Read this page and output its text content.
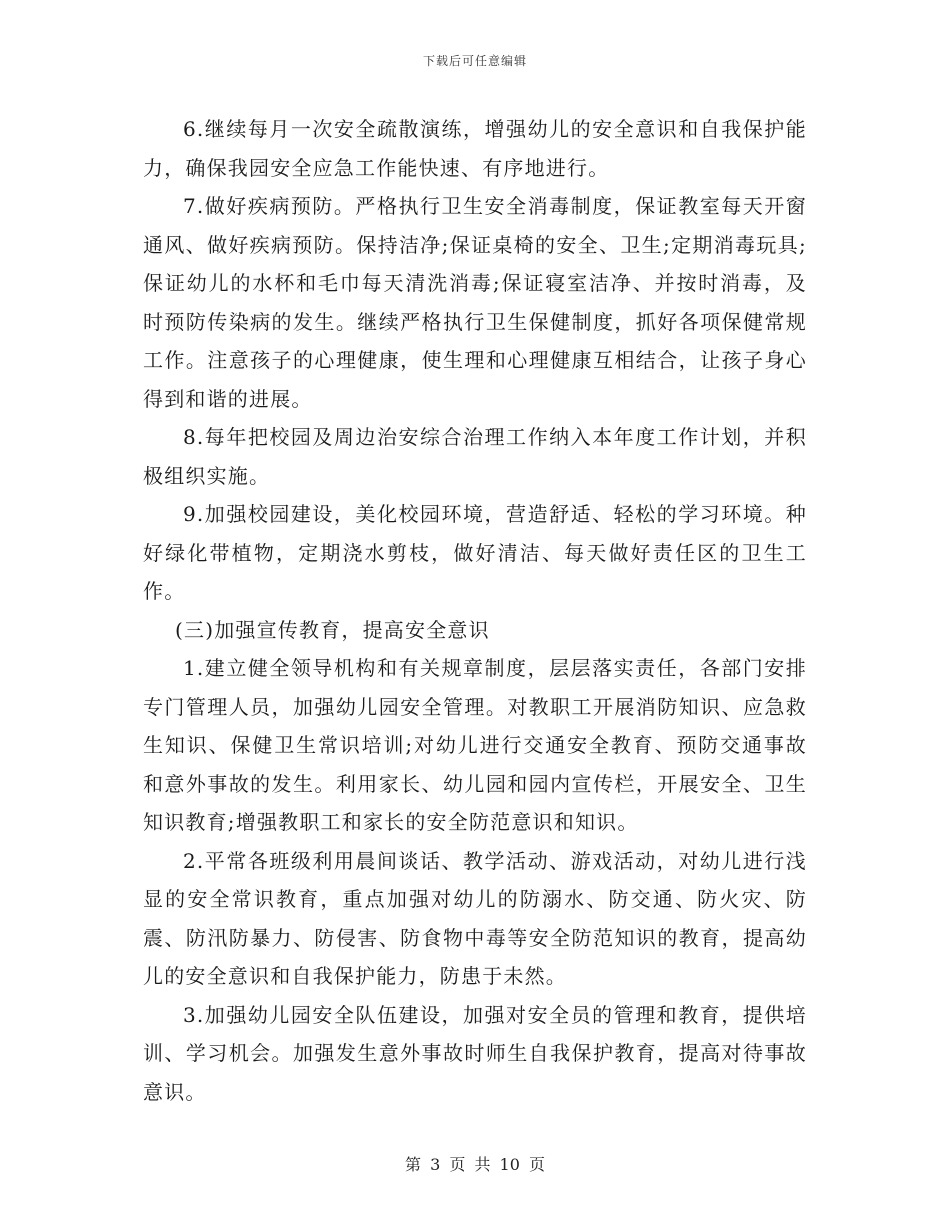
下载后可任意编辑

6.继续每月一次安全疏散演练，增强幼儿的安全意识和自我保护能力，确保我园安全应急工作能快速、有序地进行。

7.做好疾病预防。严格执行卫生安全消毒制度，保证教室每天开窗通风、做好疾病预防。保持洁净;保证桌椅的安全、卫生;定期消毒玩具;保证幼儿的水杯和毛巾每天清洗消毒;保证寝室洁净、并按时消毒，及时预防传染病的发生。继续严格执行卫生保健制度，抓好各项保健常规工作。注意孩子的心理健康，使生理和心理健康互相结合，让孩子身心得到和谐的进展。

8.每年把校园及周边治安综合治理工作纳入本年度工作计划，并积极组织实施。

9.加强校园建设，美化校园环境，营造舒适、轻松的学习环境。种好绿化带植物，定期浇水剪枝，做好清洁、每天做好责任区的卫生工作。

(三)加强宣传教育，提高安全意识

1.建立健全领导机构和有关规章制度，层层落实责任，各部门安排专门管理人员，加强幼儿园安全管理。对教职工开展消防知识、应急救生知识、保健卫生常识培训;对幼儿进行交通安全教育、预防交通事故和意外事故的发生。利用家长、幼儿园和园内宣传栏，开展安全、卫生知识教育;增强教职工和家长的安全防范意识和知识。

2.平常各班级利用晨间谈话、教学活动、游戏活动，对幼儿进行浅显的安全常识教育，重点加强对幼儿的防溺水、防交通、防火灾、防震、防汛防暴力、防侵害、防食物中毒等安全防范知识的教育，提高幼儿的安全意识和自我保护能力，防患于未然。

3.加强幼儿园安全队伍建设，加强对安全员的管理和教育，提供培训、学习机会。加强发生意外事故时师生自我保护教育，提高对待事故意识。

第 3 页 共 10 页
